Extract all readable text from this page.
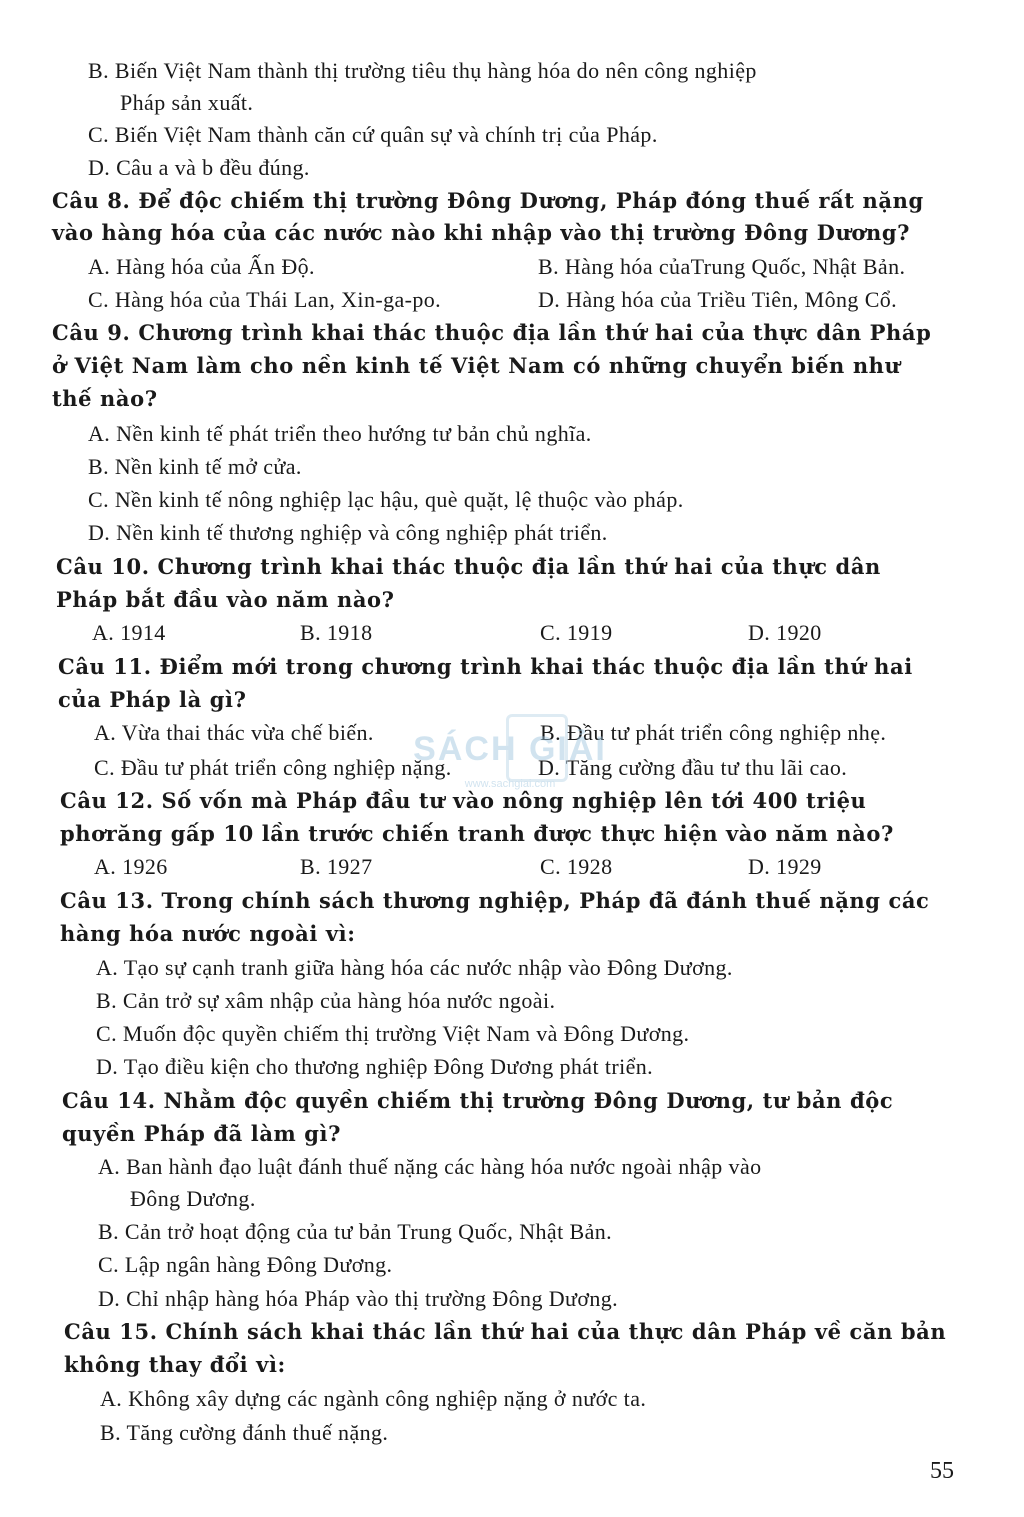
B. Biến Việt Nam thành thị trường tiêu thụ hàng hóa do nên công nghiệp
Pháp sản xuất.
C. Biến Việt Nam thành căn cứ quân sự và chính trị của Pháp.
D. Câu a và b đều đúng.
Câu 8. Để độc chiếm thị trường Đông Dương, Pháp đóng thuế rất nặng
vào hàng hóa của các nước nào khi nhập vào thị trường Đông Dương?
A. Hàng hóa của Ấn Độ.	B. Hàng hóa củaTrung Quốc, Nhật Bản.
C. Hàng hóa của Thái Lan, Xin-ga-po.	D. Hàng hóa của Triều Tiên, Mông Cổ.
Câu 9. Chương trình khai thác thuộc địa lần thứ hai của thực dân Pháp
ở Việt Nam làm cho nền kinh tế Việt Nam có những chuyển biến như
thế nào?
A. Nền kinh tế phát triển theo hướng tư bản chủ nghĩa.
B. Nền kinh tế mở cửa.
C. Nền kinh tế nông nghiệp lạc hậu, què quặt, lệ thuộc vào pháp.
D. Nền kinh tế thương nghiệp và công nghiệp phát triển.
Câu 10. Chương trình khai thác thuộc địa lần thứ hai của thực dân
Pháp bắt đầu vào năm nào?
A. 1914	B. 1918	C. 1919	D. 1920
Câu 11. Điểm mới trong chương trình khai thác thuộc địa lần thứ hai
của Pháp là gì?
A. Vừa thai thác vừa chế biến.	B. Đầu tư phát triển công nghiệp nhẹ.
C. Đầu tư phát triển công nghiệp nặng.	D. Tăng cường đầu tư thu lãi cao.
Câu 12. Số vốn mà Pháp đầu tư vào nông nghiệp lên tới 400 triệu
phơrăng gấp 10 lần trước chiến tranh được thực hiện vào năm nào?
A. 1926	B. 1927	C. 1928	D. 1929
Câu 13. Trong chính sách thương nghiệp, Pháp đã đánh thuế nặng các
hàng hóa nước ngoài vì:
A. Tạo sự cạnh tranh giữa hàng hóa các nước nhập vào Đông Dương.
B. Cản trở sự xâm nhập của hàng hóa nước ngoài.
C. Muốn độc quyền chiếm thị trường Việt Nam và Đông Dương.
D. Tạo điều kiện cho thương nghiệp Đông Dương phát triển.
Câu 14. Nhằm độc quyền chiếm thị trường Đông Dương, tư bản độc
quyền Pháp đã làm gì?
A. Ban hành đạo luật đánh thuế nặng các hàng hóa nước ngoài nhập vào
Đông Dương.
B. Cản trở hoạt động của tư bản Trung Quốc, Nhật Bản.
C. Lập ngân hàng Đông Dương.
D. Chỉ nhập hàng hóa Pháp vào thị trường Đông Dương.
Câu 15. Chính sách khai thác lần thứ hai của thực dân Pháp về căn bản
không thay đổi vì:
A. Không xây dựng các ngành công nghiệp nặng ở nước ta.
B. Tăng cường đánh thuế nặng.
SÁCH GIẢI
www.sachgiai.com
55
